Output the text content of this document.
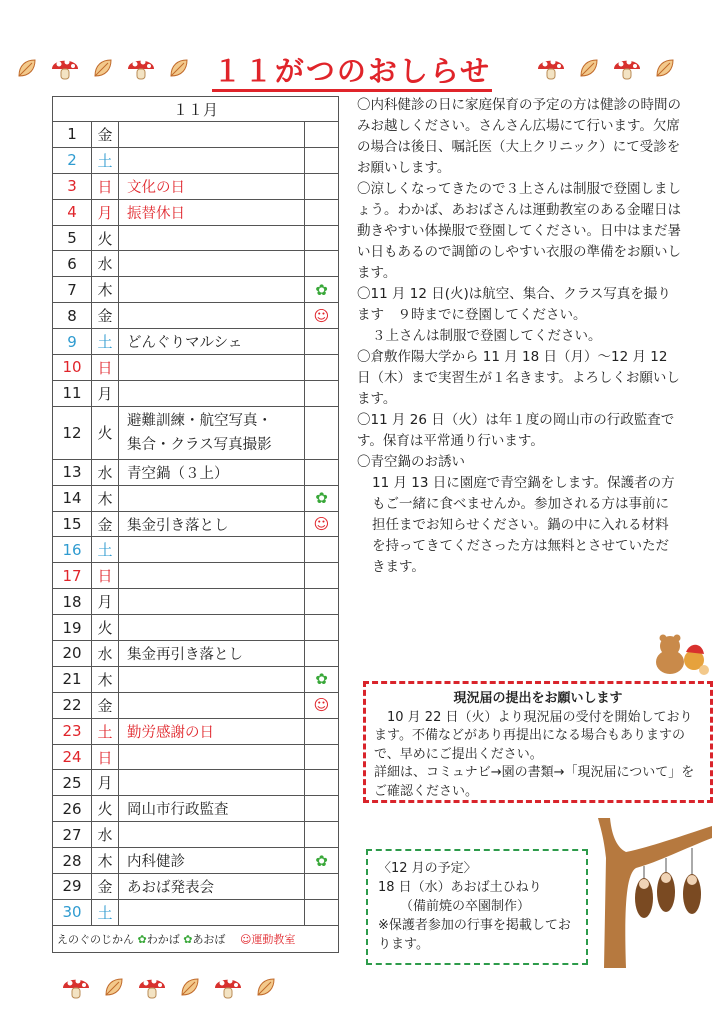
１１がつのおしらせ
１１月			
1	金		
2	土		
3	日	文化の日	
4	月	振替休日	
5	火		
6	水		
7	木		✿
8	金		☺
9	土	どんぐりマルシェ	
10	日		
11	月		
12	火	避難訓練・航空写真・
集合・クラス写真撮影	

13	水	青空鍋（３上）	
14	木		✿
15	金	集金引き落とし	☺
16	土		
17	日		
18	月		
19	火		
20	水	集金再引き落とし	
21	木		✿
22	金		☺
23	土	勤労感謝の日	
24	日		
25	月		
26	火	岡山市行政監査	
27	水		
28	木	内科健診	✿
29	金	あおば発表会	
30	土		
えのぐのじかん ✿わかば ✿あおば　 ☺運動教室			

〇内科健診の日に家庭保育の予定の方は健診の時間のみお越しください。さんさん広場にて行います。欠席の場合は後日、嘱託医（大上クリニック）にて受診をお願いします。

〇涼しくなってきたので３上さんは制服で登園しましょう。わかば、あおばさんは運動教室のある金曜日は動きやすい体操服で登園してください。日中はまだ暑い日もあるので調節のしやすい衣服の準備をお願いします。

〇11 月 12 日(火)は航空、集合、クラス写真を撮ります　９時までに登園してください。

３上さんは制服で登園してください。

〇倉敷作陽大学から 11 月 18 日（月）～12 月 12 日（木）まで実習生が１名きます。よろしくお願いします。

〇11 月 26 日（火）は年１度の岡山市の行政監査です。保育は平常通り行います。

〇青空鍋のお誘い

11 月 13 日に園庭で青空鍋をします。保護者の方もご一緒に食べませんか。参加される方は事前に担任までお知らせください。鍋の中に入れる材料を持ってきてくださった方は無料とさせていただきます。

現況届の提出をお願いします
10 月 22 日（火）より現況届の受付を開始しております。不備などがあり再提出になる場合もありますので、早めにご提出ください。
詳細は、コミュナビ→園の書類→「現況届について」をご確認ください。
〈12 月の予定〉
18 日（水）あおば土ひねり
（備前焼の卒園制作）
※保護者参加の行事を掲載しております。
